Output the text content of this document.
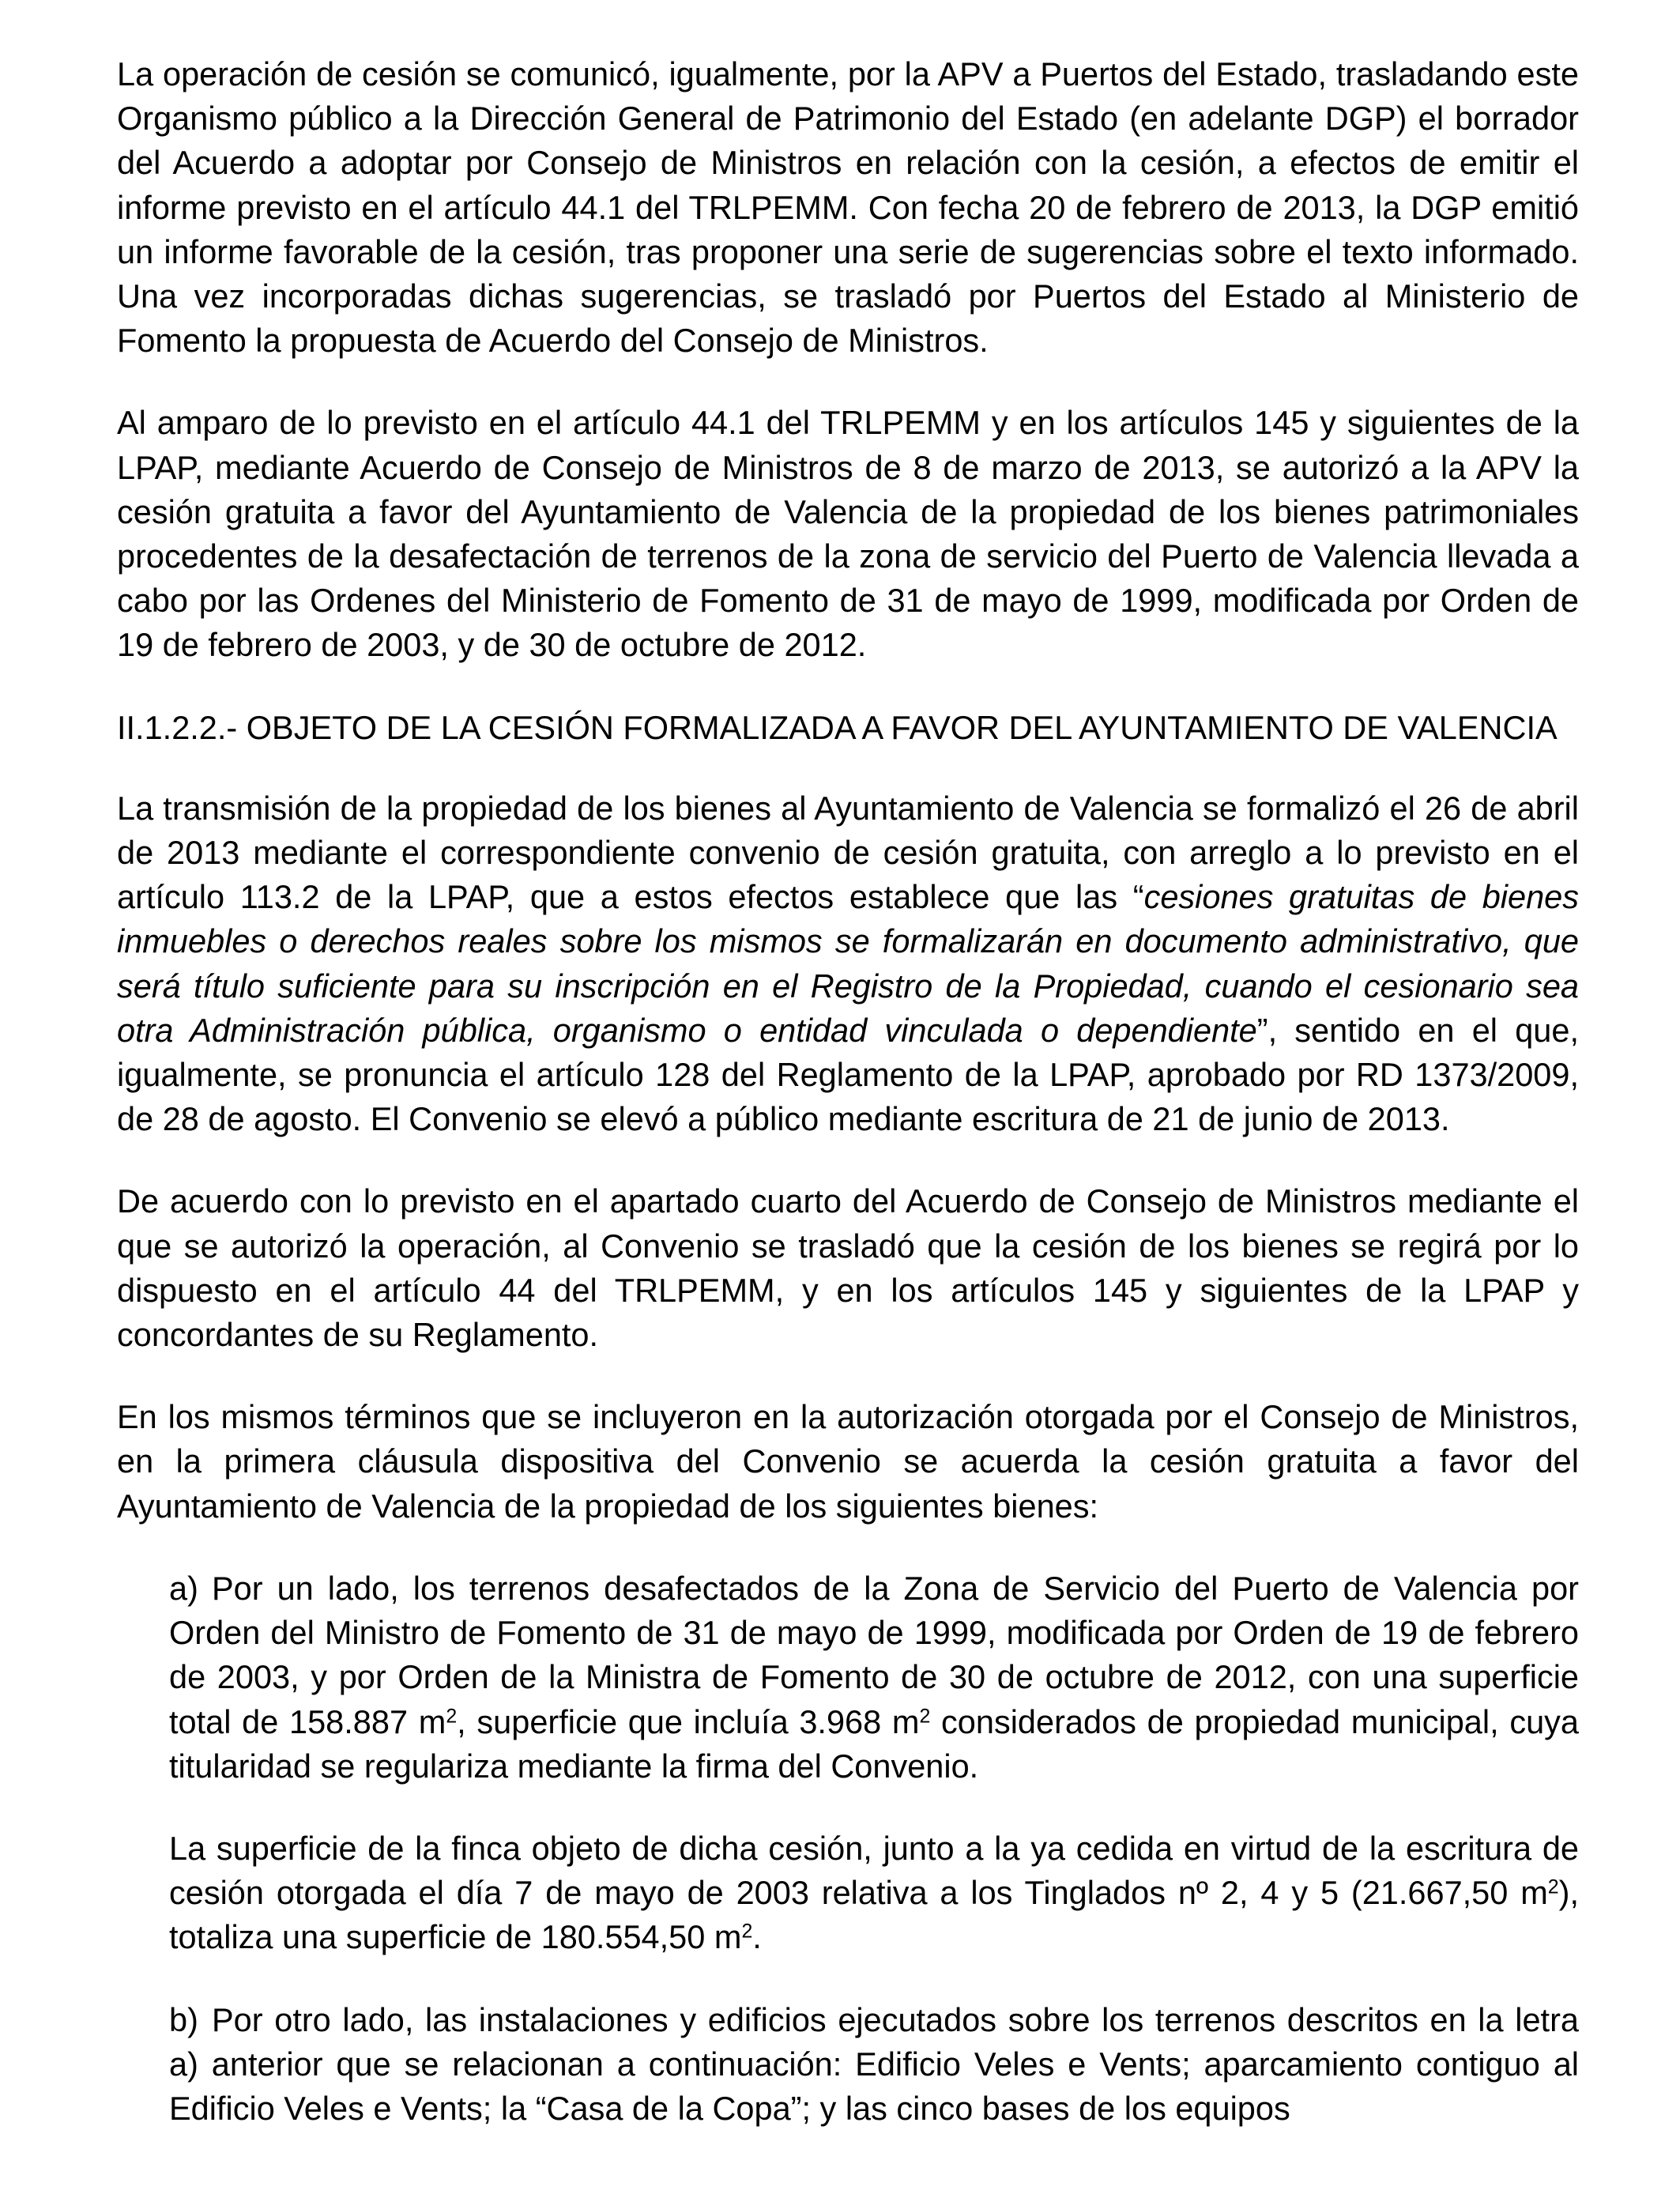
La operación de cesión se comunicó, igualmente, por la APV a Puertos del Estado, trasladando este Organismo público a la Dirección General de Patrimonio del Estado (en adelante DGP) el borrador del Acuerdo a adoptar por Consejo de Ministros en relación con la cesión, a efectos de emitir el informe previsto en el artículo 44.1 del TRLPEMM. Con fecha 20 de febrero de 2013, la DGP emitió un informe favorable de la cesión, tras proponer una serie de sugerencias sobre el texto informado. Una vez incorporadas dichas sugerencias, se trasladó por Puertos del Estado al Ministerio de Fomento la propuesta de Acuerdo del Consejo de Ministros.

Al amparo de lo previsto en el artículo 44.1 del TRLPEMM y en los artículos 145 y siguientes de la LPAP, mediante Acuerdo de Consejo de Ministros de 8 de marzo de 2013, se autorizó a la APV la cesión gratuita a favor del Ayuntamiento de Valencia de la propiedad de los bienes patrimoniales procedentes de la desafectación de terrenos de la zona de servicio del Puerto de Valencia llevada a cabo por las Ordenes del Ministerio de Fomento de 31 de mayo de 1999, modificada por Orden de 19 de febrero de 2003, y de 30 de octubre de 2012.

II.1.2.2.- OBJETO DE LA CESIÓN FORMALIZADA A FAVOR DEL AYUNTAMIENTO DE VALENCIA

La transmisión de la propiedad de los bienes al Ayuntamiento de Valencia se formalizó el 26 de abril de 2013 mediante el correspondiente convenio de cesión gratuita, con arreglo a lo previsto en el artículo 113.2 de la LPAP, que a estos efectos establece que las “cesiones gratuitas de bienes inmuebles o derechos reales sobre los mismos se formalizarán en documento administrativo, que será título suficiente para su inscripción en el Registro de la Propiedad, cuando el cesionario sea otra Administración pública, organismo o entidad vinculada o dependiente”, sentido en el que, igualmente, se pronuncia el artículo 128 del Reglamento de la LPAP, aprobado por RD 1373/2009, de 28 de agosto. El Convenio se elevó a público mediante escritura de 21 de junio de 2013.

De acuerdo con lo previsto en el apartado cuarto del Acuerdo de Consejo de Ministros mediante el que se autorizó la operación, al Convenio se trasladó que la cesión de los bienes se regirá por lo dispuesto en el artículo 44 del TRLPEMM, y en los artículos 145 y siguientes de la LPAP y concordantes de su Reglamento.

En los mismos términos que se incluyeron en la autorización otorgada por el Consejo de Ministros, en la primera cláusula dispositiva del Convenio se acuerda la cesión gratuita a favor del Ayuntamiento de Valencia de la propiedad de los siguientes bienes:

a) Por un lado, los terrenos desafectados de la Zona de Servicio del Puerto de Valencia por Orden del Ministro de Fomento de 31 de mayo de 1999, modificada por Orden de 19 de febrero de 2003, y por Orden de la Ministra de Fomento de 30 de octubre de 2012, con una superficie total de 158.887 $m^2$, superficie que incluía 3.968 $m^2$ considerados de propiedad municipal, cuya titularidad se regulariza mediante la firma del Convenio.

La superficie de la finca objeto de dicha cesión, junto a la ya cedida en virtud de la escritura de cesión otorgada el día 7 de mayo de 2003 relativa a los Tinglados nº 2, 4 y 5 (21.667,50 $m^2$), totaliza una superficie de 180.554,50 $m^2$.

b) Por otro lado, las instalaciones y edificios ejecutados sobre los terrenos descritos en la letra a) anterior que se relacionan a continuación: Edificio Veles e Vents; aparcamiento contiguo al Edificio Veles e Vents; la “Casa de la Copa”; y las cinco bases de los equipos
